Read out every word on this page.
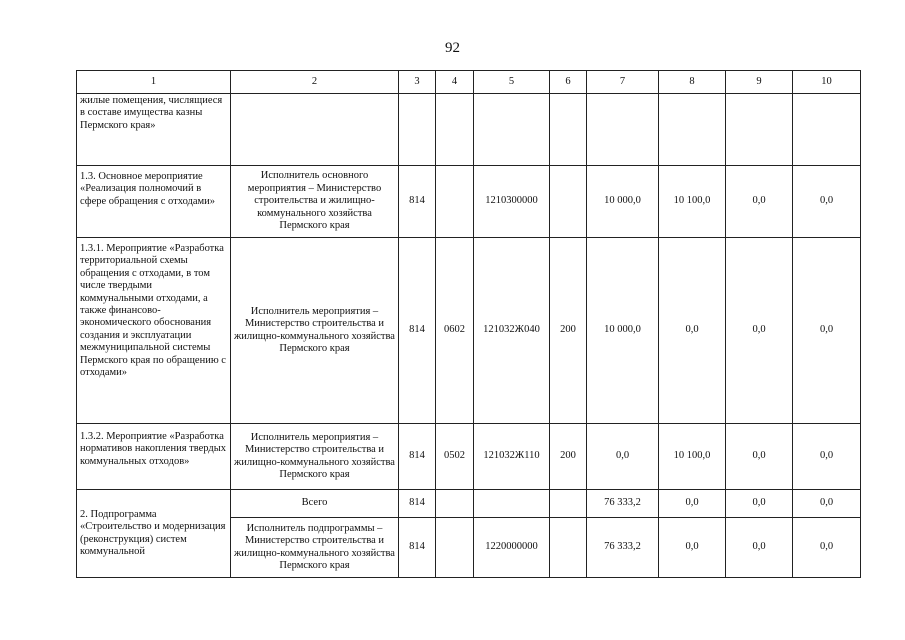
92
1	2	3	4	5	6	7	8	9	10
жилые помещения, числящиеся в составе имущества казны Пермского края»									
1.3. Основное мероприятие «Реализация полномочий в сфере обращения с отходами»	Исполнитель основного мероприятия – Министерство строительства и жилищно-коммунального хозяйства Пермского края	814		1210300000		10 000,0	10 100,0	0,0	0,0
1.3.1. Мероприятие «Разработка территориальной схемы обращения с отходами, в том числе твердыми коммунальными отходами, а также финансово-экономического обоснования создания и эксплуатации межмуниципальной системы Пермского края по обращению с отходами»	Исполнитель мероприятия – Министерство строительства и жилищно-коммунального хозяйства Пермского края	814	0602	121032Ж040	200	10 000,0	0,0	0,0	0,0
1.3.2. Мероприятие «Разработка нормативов накопления твердых коммунальных отходов»	Исполнитель мероприятия – Министерство строительства и жилищно-коммунального хозяйства Пермского края	814	0502	121032Ж110	200	0,0	10 100,0	0,0	0,0
2. Подпрограмма «Строительство и модернизация (реконструкция) систем коммунальной	Всего	814				76 333,2	0,0	0,0	0,0
	Исполнитель подпрограммы – Министерство строительства и жилищно-коммунального хозяйства Пермского края	814		1220000000		76 333,2	0,0	0,0	0,0
